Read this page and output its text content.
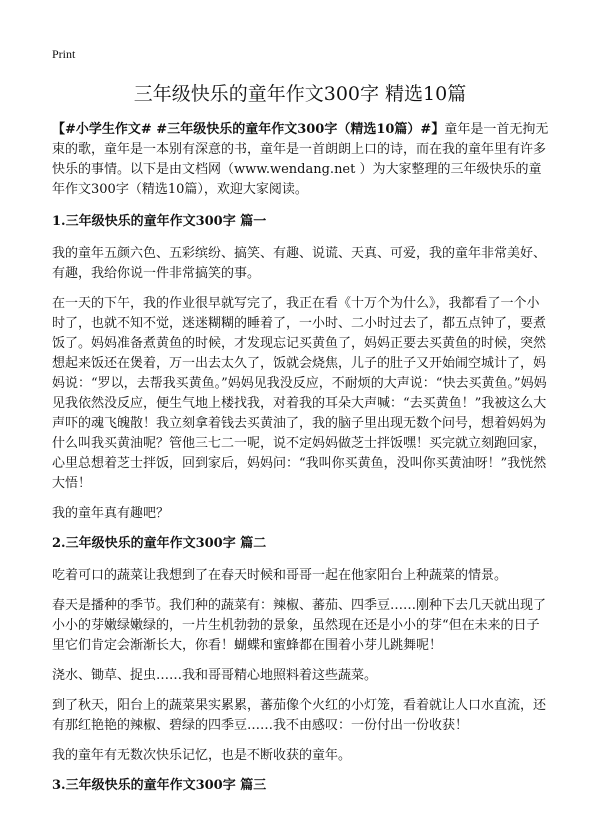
Print
三年级快乐的童年作文300字 精选10篇

【#小学生作文# #三年级快乐的童年作文300字（精选10篇）#】童年是一首无拘无束的歌，童年是一本别有深意的书，童年是一首朗朗上口的诗，而在我的童年里有许多快乐的事情。以下是由文档网（www.wendang.net ）为大家整理的三年级快乐的童年作文300字（精选10篇），欢迎大家阅读。

1.三年级快乐的童年作文300字 篇一

我的童年五颜六色、五彩缤纷、搞笑、有趣、说谎、天真、可爱，我的童年非常美好、有趣，我给你说一件非常搞笑的事。

在一天的下午，我的作业很早就写完了，我正在看《十万个为什么》，我都看了一个小时了，也就不知不觉，迷迷糊糊的睡着了，一小时、二小时过去了，都五点钟了，要煮饭了。妈妈准备煮黄鱼的时候，才发现忘记买黄鱼了，妈妈正要去买黄鱼的时候，突然想起来饭还在煲着，万一出去太久了，饭就会烧焦，儿子的肚子又开始闹空城计了，妈妈说：“罗以，去帮我买黄鱼。”妈妈见我没反应，不耐烦的大声说：“快去买黄鱼。”妈妈见我依然没反应，便生气地上楼找我，对着我的耳朵大声喊：“去买黄鱼！”我被这么大声吓的魂飞魄散！我立刻拿着钱去买黄油了，我的脑子里出现无数个问号，想着妈妈为什么叫我买黄油呢？管他三七二一呢，说不定妈妈做芝士拌饭嘿！买完就立刻跑回家，心里总想着芝士拌饭，回到家后，妈妈问：“我叫你买黄鱼，没叫你买黄油呀！”我恍然大悟！

我的童年真有趣吧？

2.三年级快乐的童年作文300字 篇二

吃着可口的蔬菜让我想到了在春天时候和哥哥一起在他家阳台上种蔬菜的情景。

春天是播种的季节。我们种的蔬菜有：辣椒、蕃茄、四季豆……刚种下去几天就出现了小小的芽嫩绿嫩绿的，一片生机勃勃的景象，虽然现在还是小小的芽“但在未来的日子里它们肯定会渐渐长大，你看！蝴蝶和蜜蜂都在围着小芽儿跳舞呢！

浇水、锄草、捉虫……我和哥哥精心地照料着这些蔬菜。

到了秋天，阳台上的蔬菜果实累累，蕃茄像个火红的小灯笼，看着就让人口水直流，还有那红艳艳的辣椒、碧绿的四季豆……我不由感叹：一份付出一份收获！

我的童年有无数次快乐记忆，也是不断收获的童年。

3.三年级快乐的童年作文300字 篇三
